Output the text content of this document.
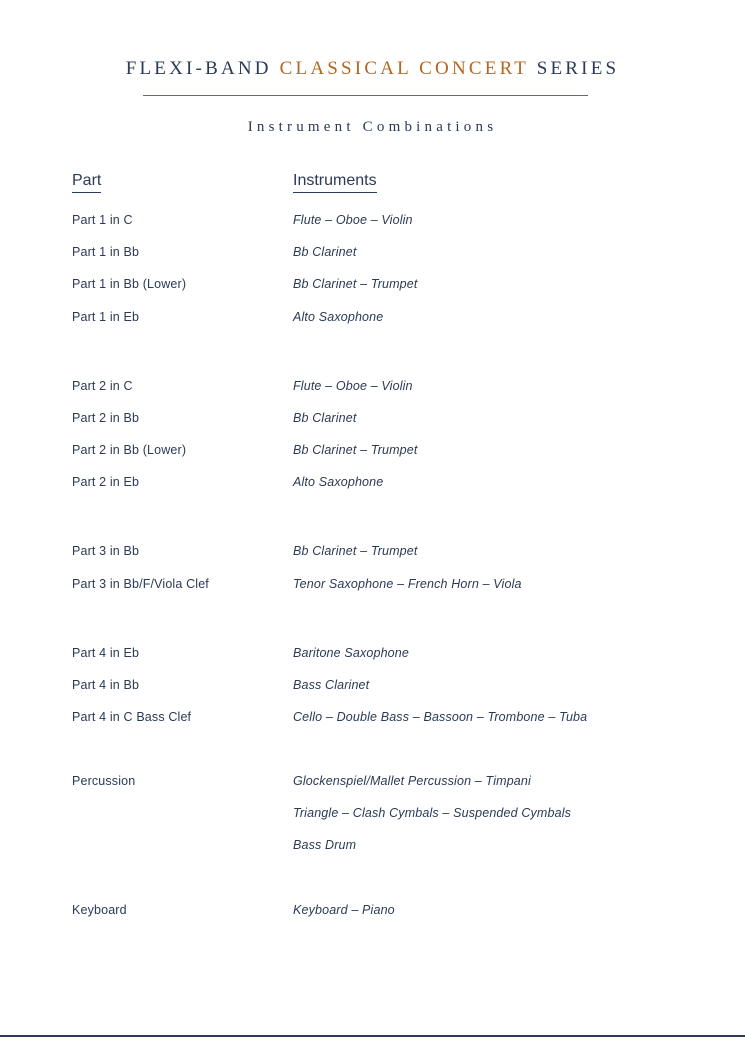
FLEXI-BAND CLASSICAL CONCERT SERIES
Instrument Combinations
Part	Instruments
Part 1 in C	Flute – Oboe – Violin
Part 1 in Bb	Bb Clarinet
Part 1 in Bb (Lower)	Bb Clarinet – Trumpet
Part 1 in Eb	Alto Saxophone
Part 2 in C	Flute – Oboe – Violin
Part 2 in Bb	Bb Clarinet
Part 2 in Bb (Lower)	Bb Clarinet – Trumpet
Part 2 in Eb	Alto Saxophone
Part 3 in Bb	Bb Clarinet – Trumpet
Part 3 in Bb/F/Viola Clef	Tenor Saxophone – French Horn – Viola
Part 4 in Eb	Baritone Saxophone
Part 4 in Bb	Bass Clarinet
Part 4 in C Bass Clef	Cello – Double Bass – Bassoon – Trombone – Tuba
Percussion	Glockenspiel/Mallet Percussion – Timpani
Triangle – Clash Cymbals – Suspended Cymbals
Bass Drum
Keyboard	Keyboard – Piano
